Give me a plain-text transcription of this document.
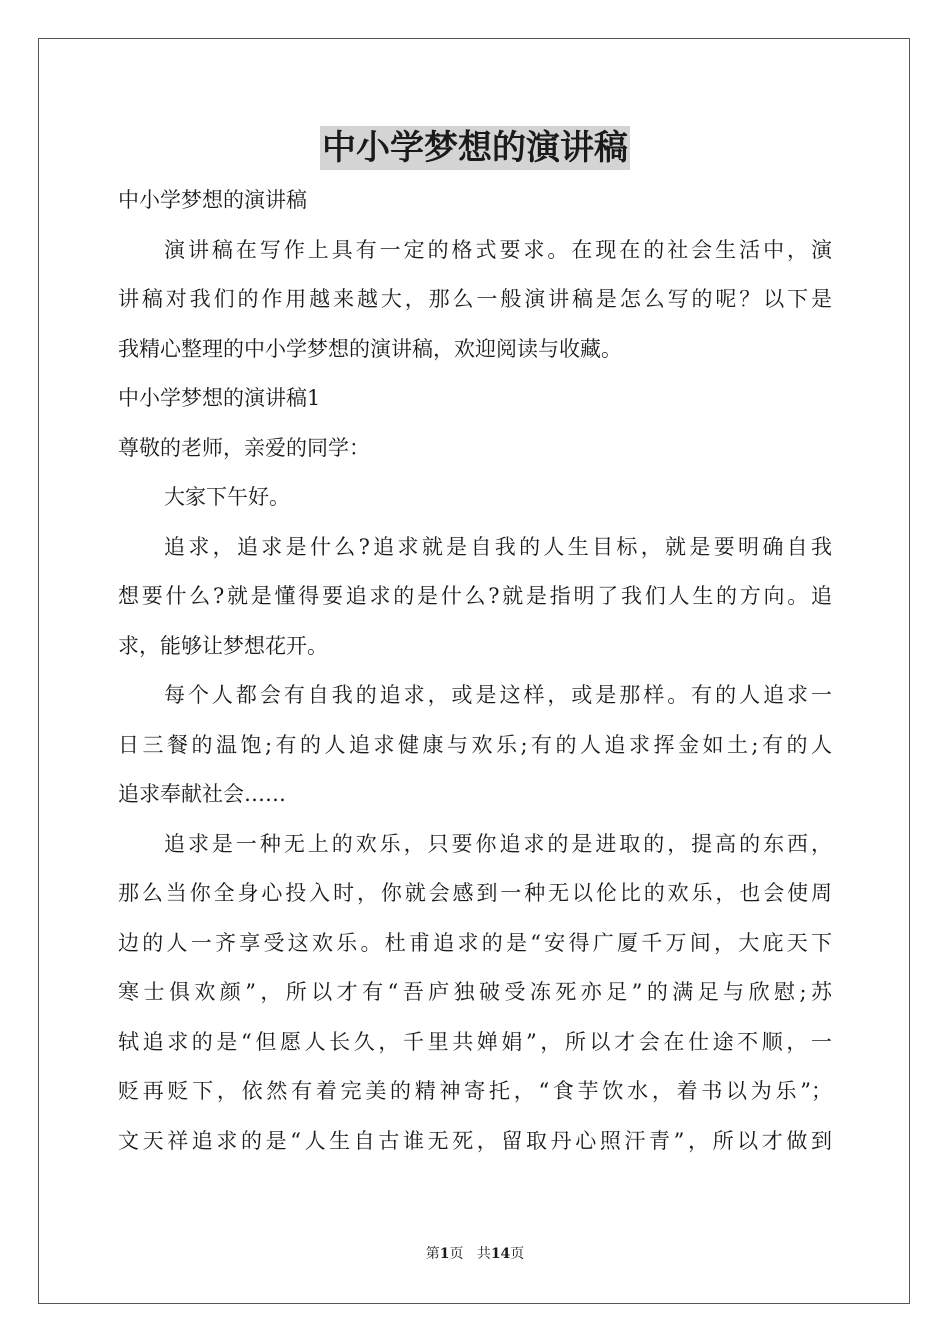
中小学梦想的演讲稿
中小学梦想的演讲稿
演讲稿在写作上具有一定的格式要求。在现在的社会生活中，演
讲稿对我们的作用越来越大，那么一般演讲稿是怎么写的呢？以下是
我精心整理的中小学梦想的演讲稿，欢迎阅读与收藏。
中小学梦想的演讲稿1
尊敬的老师，亲爱的同学：
大家下午好。
追求，追求是什么?追求就是自我的人生目标，就是要明确自我
想要什么?就是懂得要追求的是什么?就是指明了我们人生的方向。追
求，能够让梦想花开。
每个人都会有自我的追求，或是这样，或是那样。有的人追求一
日三餐的温饱;有的人追求健康与欢乐;有的人追求挥金如土;有的人
追求奉献社会……
追求是一种无上的欢乐，只要你追求的是进取的，提高的东西，
那么当你全身心投入时，你就会感到一种无以伦比的欢乐，也会使周
边的人一齐享受这欢乐。杜甫追求的是“安得广厦千万间，大庇天下
寒士俱欢颜”，所以才有“吾庐独破受冻死亦足”的满足与欣慰;苏
轼追求的是“但愿人长久，千里共婵娟”，所以才会在仕途不顺，一
贬再贬下，依然有着完美的精神寄托，“食芋饮水，着书以为乐”；
文天祥追求的是“人生自古谁无死，留取丹心照汗青”，所以才做到
第1页 共14页
